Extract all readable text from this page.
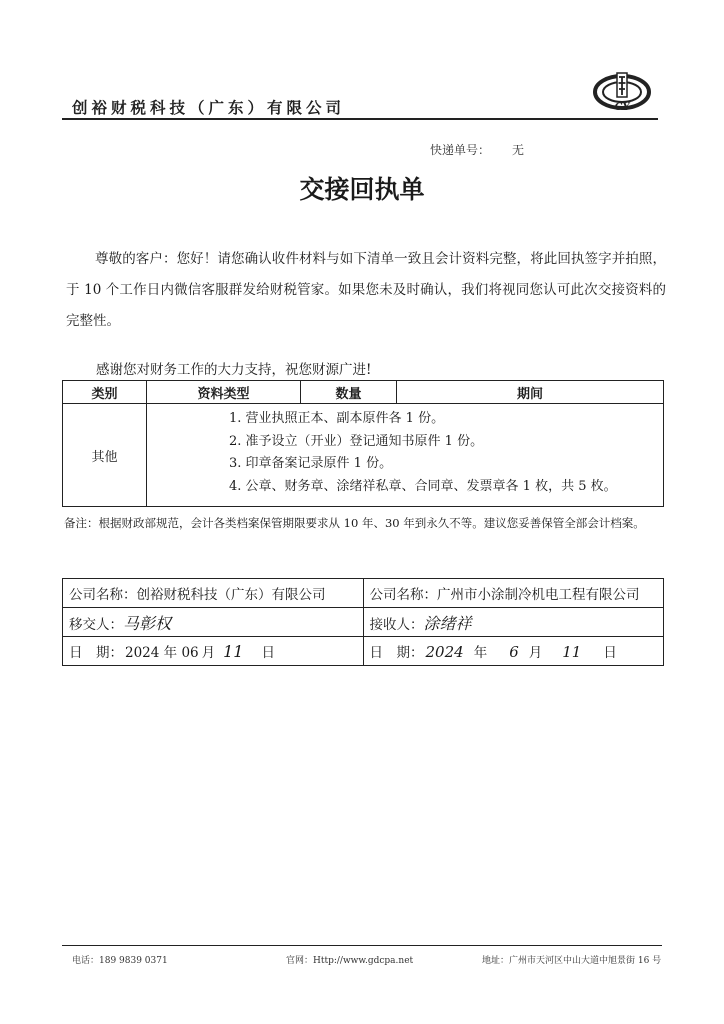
创裕财税科技（广东）有限公司	CY
快递单号： 无
交接回执单
尊敬的客户：您好！请您确认收件材料与如下清单一致且会计资料完整，将此回执签字并拍照，于 10 个工作日内微信客服群发给财税管家。如果您未及时确认，我们将视同您认可此次交接资料的完整性。
感谢您对财务工作的大力支持，祝您财源广进!
类别	资料类型	数量	期间
其他	1. 营业执照正本、副本原件各 1 份。
2. 准予设立（开业）登记通知书原件 1 份。
3. 印章备案记录原件 1 份。
4. 公章、财务章、涂绪祥私章、合同章、发票章各 1 枚，共 5 枚。		
备注：根据财政部规范，会计各类档案保管期限要求从 10 年、30 年到永久不等。建议您妥善保管全部会计档案。
公司名称：创裕财税科技（广东）有限公司	公司名称：广州市小涂制冷机电工程有限公司
移交人：马彰权	接收人：涂绪祥
日　期： 2024 年 06 月 11 日	日　期： 2024 年 6 月 11 日
电话：189 9839 0371	官网：Http://www.gdcpa.net	地址：广州市天河区中山大道中旭景街 16 号
